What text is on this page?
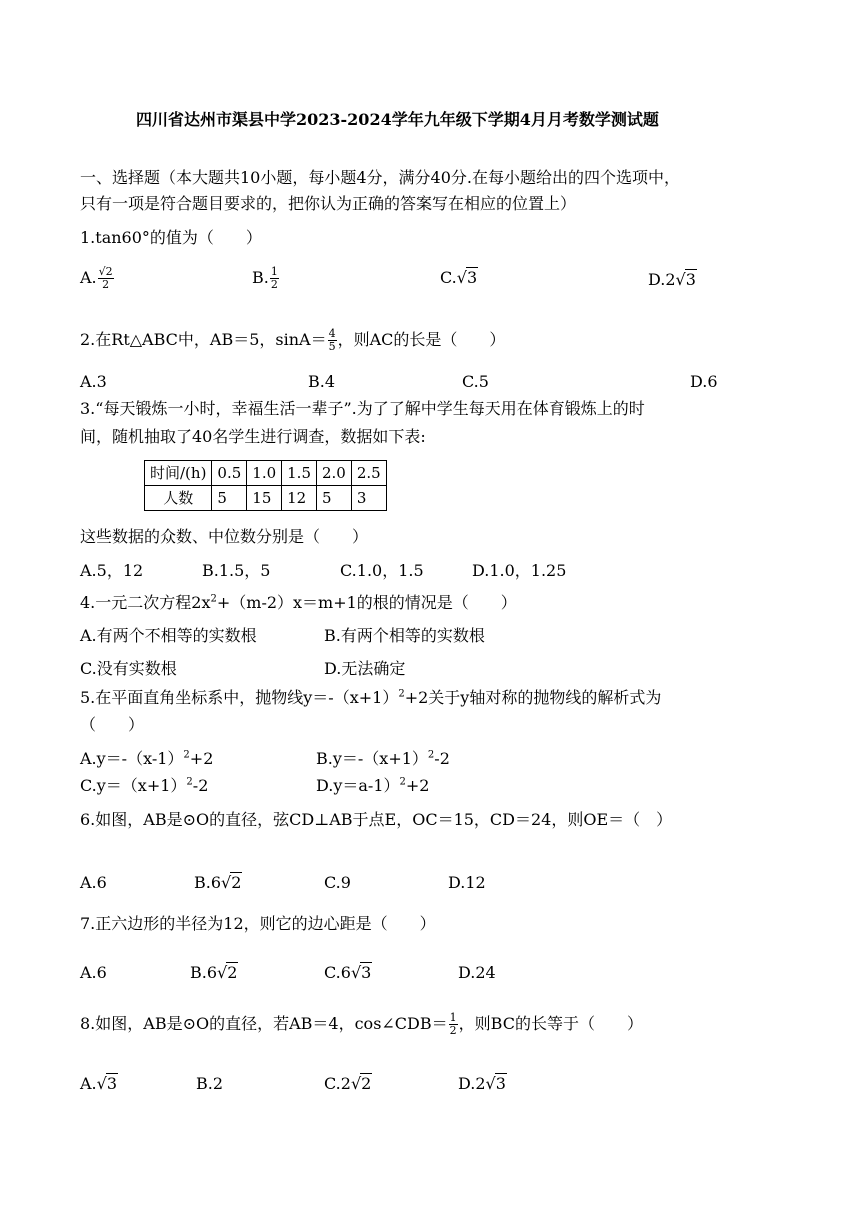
四川省达州市渠县中学2023-2024学年九年级下学期4月月考数学测试题
一、选择题（本大题共10小题，每小题4分，满分40分.在每小题给出的四个选项中，
只有一项是符合题目要求的，把你认为正确的答案写在相应的位置上）
1.tan60°的值为（　　）
A. $\frac{√2}{2}$	B. $\frac{1}{2}$	C.√3	D.2√3
2.在Rt△ABC中，AB＝5，$\sin A= \frac{4}{5}$ ，则AC的长是（　　）
A.3	B.4	C.5	D.6
3.“每天锻炼一小时，幸福生活一辈子”.为了了解中学生每天用在体育锻炼上的时
间，随机抽取了40名学生进行调查，数据如下表:
时间/(h)	0.5	1.0	1.5	2.0	2.5
人数	5	15	12	5	3
这些数据的众数、中位数分别是（　　）
A.5，12	B.1.5，5	C.1.0，1.5	D.1.0，1.25
4.一元二次方程$2x^2+(m-2)x=m+1$的根的情况是（　　）
A.有两个不相等的实数根	B.有两个相等的实数根
C.没有实数根	D.无法确定
5.在平面直角坐标系中，抛物线$y=-(x+1)^2+2$关于y轴对称的抛物线的解析式为
（　　）
$A.y=-(x-1)^2+2$	$B.y=-(x+1)^2-2$
$C.y=(x+1)^2-2$	D.y＝a-1）$^2$+2
6.如图，AB是⊙O的直径，弦CD⊥AB于点E，OC＝15，CD＝24，则OE＝（　）
A.6	B.6√2	C.9	D.12
7.正六边形的半径为12，则它的边心距是（　　）
A.6	B.6√2	C.6√3	D.24
8.如图，AB是⊙O的直径，若AB＝4，cos∠CDB＝ $\frac{1}{2}$ ，则BC的长等于（　　）
A.√3	B.2	C.2√2	D.2√3
